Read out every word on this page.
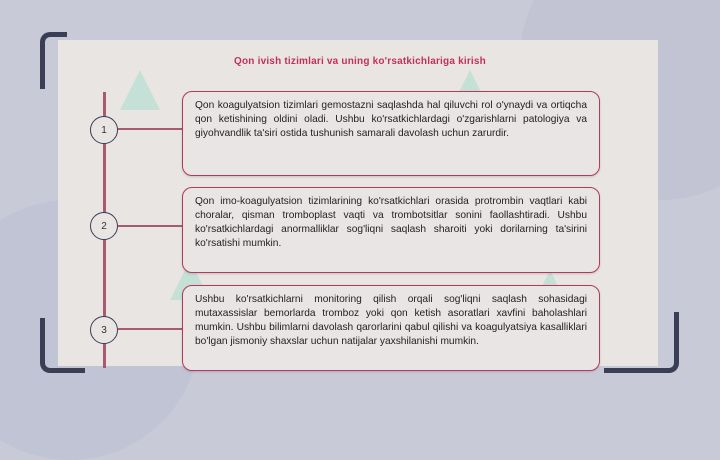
Qon ivish tizimlari va uning ko'rsatkichlariga kirish
1
Qon koagulyatsion tizimlari gemostazni saqlashda hal qiluvchi rol o'ynaydi va ortiqcha qon ketishining oldini oladi. Ushbu ko'rsatkichlardagi o'zgarishlarni patologiya va giyohvandlik ta'siri ostida tushunish samarali davolash uchun zarurdir.
2
Qon imo-koagulyatsion tizimlarining ko'rsatkichlari orasida protrombin vaqtlari kabi choralar, qisman tromboplast vaqti va trombotsitlar sonini faollashtiradi. Ushbu ko'rsatkichlardagi anormalliklar sog'liqni saqlash sharoiti yoki dorilarning ta'sirini ko'rsatishi mumkin.
3
Ushbu ko'rsatkichlarni monitoring qilish orqali sog'liqni saqlash sohasidagi mutaxassislar bemorlarda tromboz yoki qon ketish asoratlari xavfini baholashlari mumkin. Ushbu bilimlarni davolash qarorlarini qabul qilishi va koagulyatsiya kasalliklari bo'lgan jismoniy shaxslar uchun natijalar yaxshilanishi mumkin.
